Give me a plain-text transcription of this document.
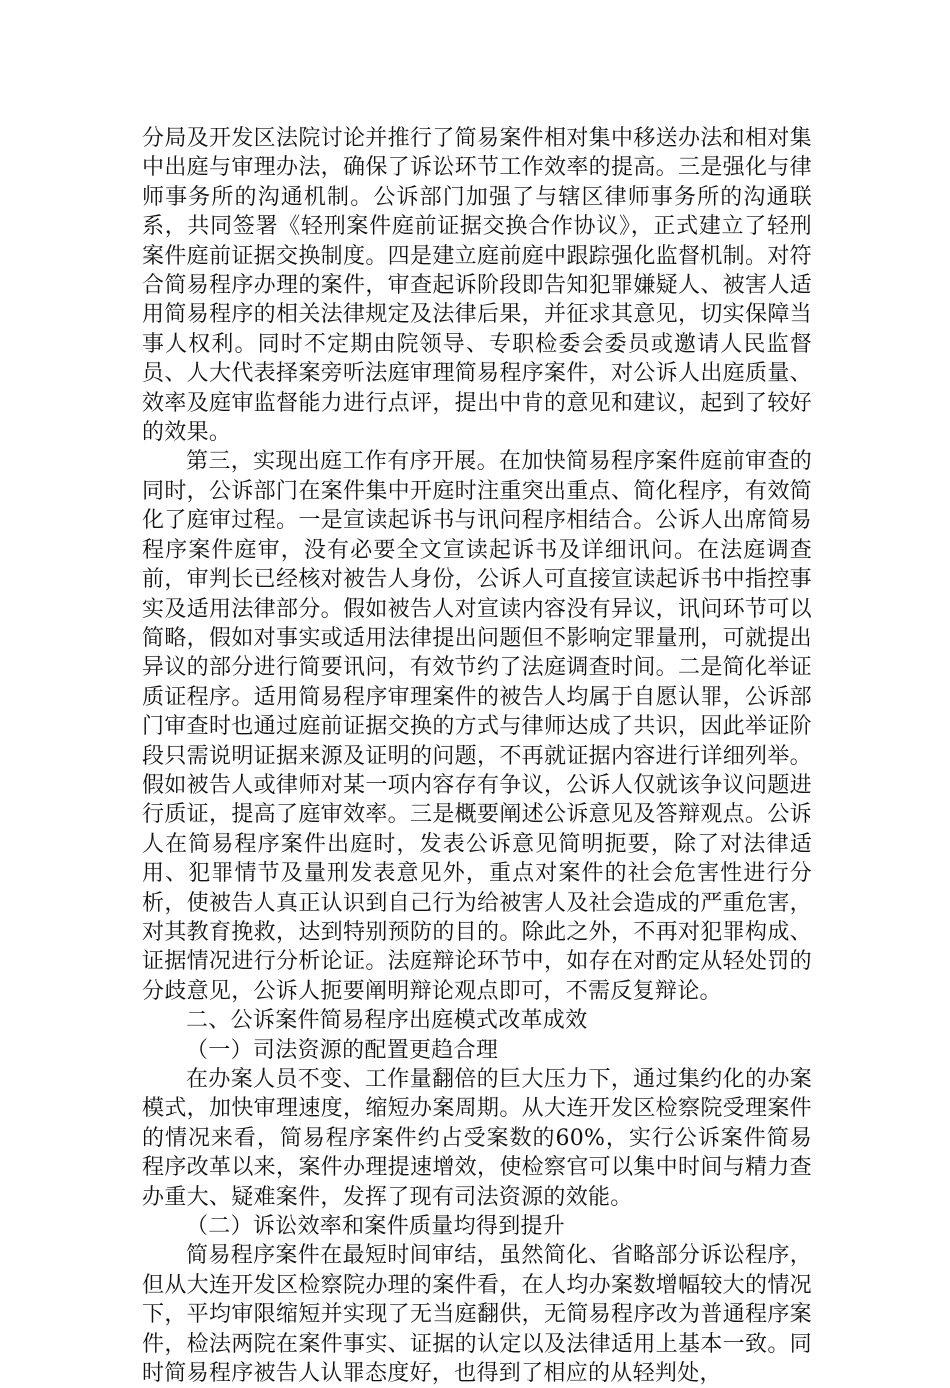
分局及开发区法院讨论并推行了简易案件相对集中移送办法和相对集中出庭与审理办法，确保了诉讼环节工作效率的提高。三是强化与律师事务所的沟通机制。公诉部门加强了与辖区律师事务所的沟通联系，共同签署《轻刑案件庭前证据交换合作协议》，正式建立了轻刑案件庭前证据交换制度。四是建立庭前庭中跟踪强化监督机制。对符合简易程序办理的案件，审查起诉阶段即告知犯罪嫌疑人、被害人适用简易程序的相关法律规定及法律后果，并征求其意见，切实保障当事人权利。同时不定期由院领导、专职检委会委员或邀请人民监督员、人大代表择案旁听法庭审理简易程序案件，对公诉人出庭质量、效率及庭审监督能力进行点评，提出中肯的意见和建议，起到了较好的效果。

第三，实现出庭工作有序开展。在加快简易程序案件庭前审查的同时，公诉部门在案件集中开庭时注重突出重点、简化程序，有效简化了庭审过程。一是宣读起诉书与讯问程序相结合。公诉人出席简易程序案件庭审，没有必要全文宣读起诉书及详细讯问。在法庭调查前，审判长已经核对被告人身份，公诉人可直接宣读起诉书中指控事实及适用法律部分。假如被告人对宣读内容没有异议，讯问环节可以简略，假如对事实或适用法律提出问题但不影响定罪量刑，可就提出异议的部分进行简要讯问，有效节约了法庭调查时间。二是简化举证质证程序。适用简易程序审理案件的被告人均属于自愿认罪，公诉部门审查时也通过庭前证据交换的方式与律师达成了共识，因此举证阶段只需说明证据来源及证明的问题，不再就证据内容进行详细列举。假如被告人或律师对某一项内容存有争议，公诉人仅就该争议问题进行质证，提高了庭审效率。三是概要阐述公诉意见及答辩观点。公诉人在简易程序案件出庭时，发表公诉意见简明扼要，除了对法律适用、犯罪情节及量刑发表意见外，重点对案件的社会危害性进行分析，使被告人真正认识到自己行为给被害人及社会造成的严重危害，对其教育挽救，达到特别预防的目的。除此之外，不再对犯罪构成、证据情况进行分析论证。法庭辩论环节中，如存在对酌定从轻处罚的分歧意见，公诉人扼要阐明辩论观点即可，不需反复辩论。

二、公诉案件简易程序出庭模式改革成效

（一）司法资源的配置更趋合理

在办案人员不变、工作量翻倍的巨大压力下，通过集约化的办案模式，加快审理速度，缩短办案周期。从大连开发区检察院受理案件的情况来看，简易程序案件约占受案数的60%，实行公诉案件简易程序改革以来，案件办理提速增效，使检察官可以集中时间与精力查办重大、疑难案件，发挥了现有司法资源的效能。

（二）诉讼效率和案件质量均得到提升

简易程序案件在最短时间审结，虽然简化、省略部分诉讼程序，但从大连开发区检察院办理的案件看，在人均办案数增幅较大的情况下，平均审限缩短并实现了无当庭翻供，无简易程序改为普通程序案件，检法两院在案件事实、证据的认定以及法律适用上基本一致。同时简易程序被告人认罪态度好，也得到了相应的从轻判处，
